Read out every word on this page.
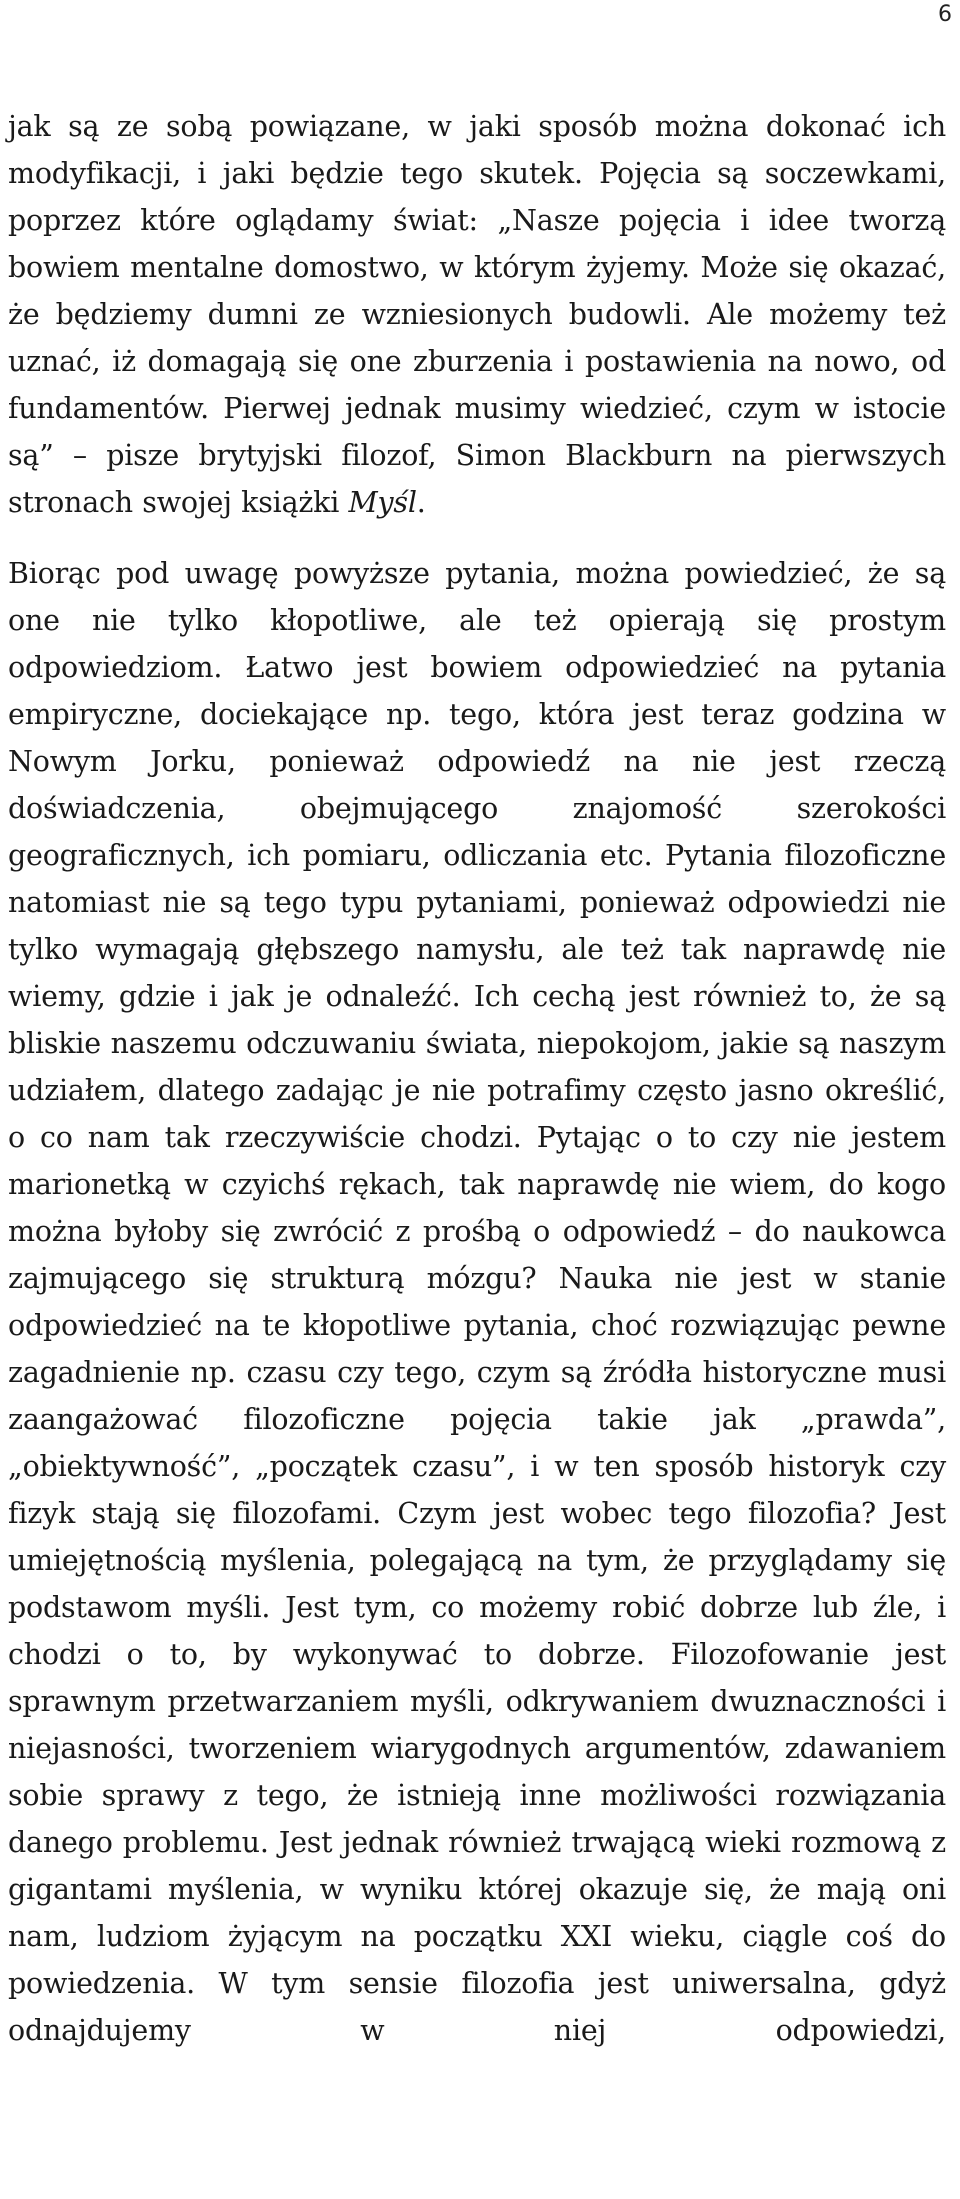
6

jak są ze sobą powiązane, w jaki sposób można dokonać ich modyfikacji, i jaki będzie tego skutek. Pojęcia są soczewkami, poprzez które oglądamy świat: „Nasze pojęcia i idee tworzą bowiem mentalne domostwo, w którym żyjemy. Może się okazać, że będziemy dumni ze wzniesionych budowli. Ale możemy też uznać, iż domagają się one zburzenia i postawienia na nowo, od fundamentów. Pierwej jednak musimy wiedzieć, czym w istocie są” – pisze brytyjski filozof, Simon Blackburn na pierwszych stronach swojej książki Myśl.

Biorąc pod uwagę powyższe pytania, można powiedzieć, że są one nie tylko kłopotliwe, ale też opierają się prostym odpowiedziom. Łatwo jest bowiem odpowiedzieć na pytania empiryczne, dociekające np. tego, która jest teraz godzina w Nowym Jorku, ponieważ odpowiedź na nie jest rzeczą doświadczenia, obejmującego znajomość szerokości geograficznych, ich pomiaru, odliczania etc. Pytania filozoficzne natomiast nie są tego typu pytaniami, ponieważ odpowiedzi nie tylko wymagają głębszego namysłu, ale też tak naprawdę nie wiemy, gdzie i jak je odnaleźć. Ich cechą jest również to, że są bliskie naszemu odczuwaniu świata, niepokojom, jakie są naszym udziałem, dlatego zadając je nie potrafimy często jasno określić, o co nam tak rzeczywiście chodzi. Pytając o to czy nie jestem marionetką w czyichś rękach, tak naprawdę nie wiem, do kogo można byłoby się zwrócić z prośbą o odpowiedź – do naukowca zajmującego się strukturą mózgu? Nauka nie jest w stanie odpowiedzieć na te kłopotliwe pytania, choć rozwiązując pewne zagadnienie np. czasu czy tego, czym są źródła historyczne musi zaangażować filozoficzne pojęcia takie jak „prawda”, „obiektywność”, „początek czasu”, i w ten sposób historyk czy fizyk stają się filozofami. Czym jest wobec tego filozofia? Jest umiejętnością myślenia, polegającą na tym, że przyglądamy się podstawom myśli. Jest tym, co możemy robić dobrze lub źle, i chodzi o to, by wykonywać to dobrze. Filozofowanie jest sprawnym przetwarzaniem myśli, odkrywaniem dwuznaczności i niejasności, tworzeniem wiarygodnych argumentów, zdawaniem sobie sprawy z tego, że istnieją inne możliwości rozwiązania danego problemu. Jest jednak również trwającą wieki rozmową z gigantami myślenia, w wyniku której okazuje się, że mają oni nam, ludziom żyjącym na początku XXI wieku, ciągle coś do powiedzenia. W tym sensie filozofia jest uniwersalna, gdyż odnajdujemy w niej odpowiedzi,
